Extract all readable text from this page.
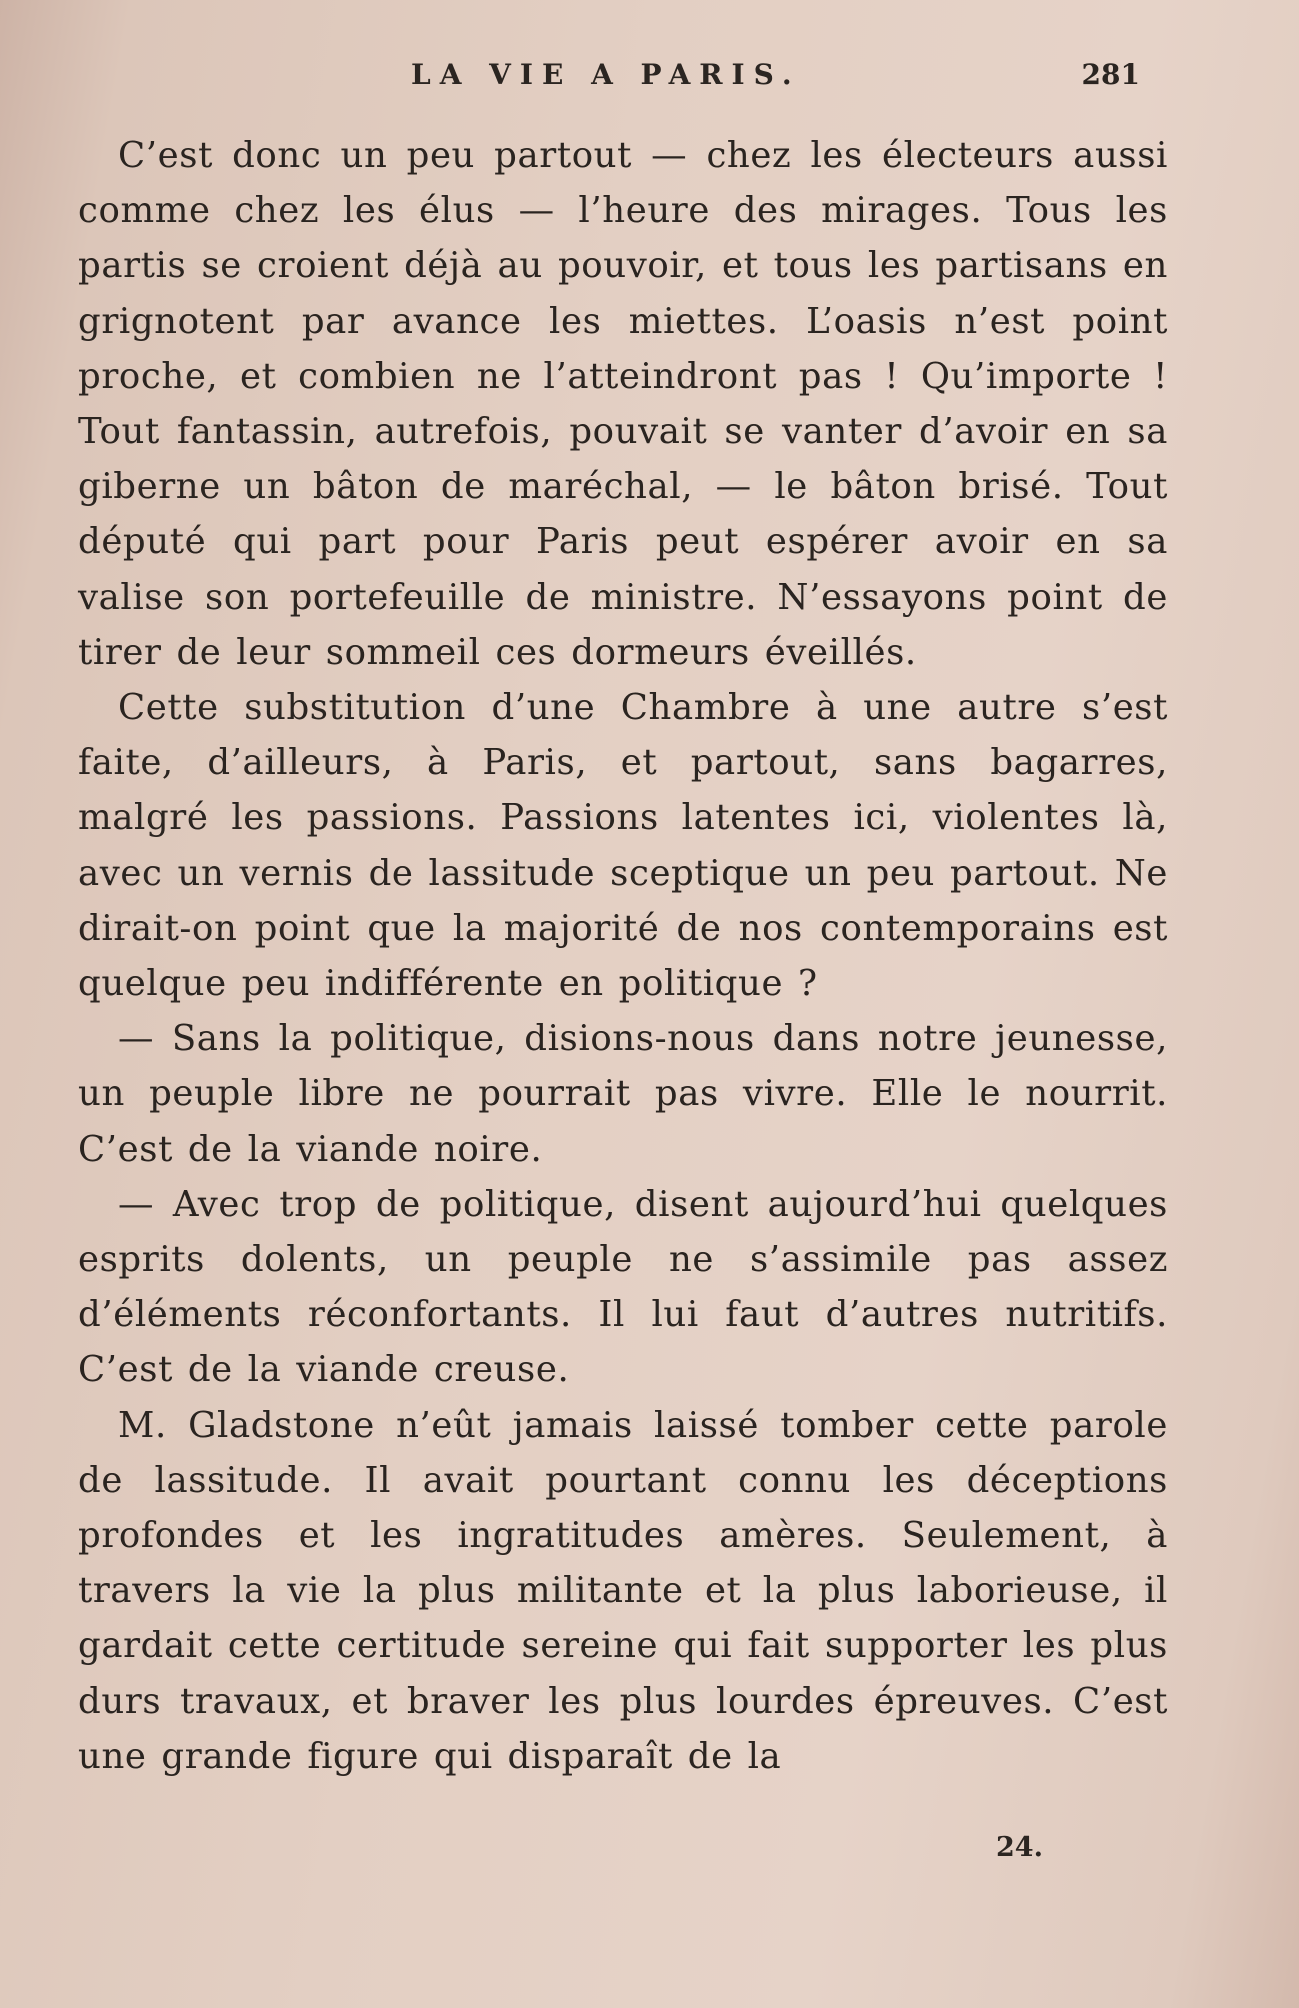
LA VIE A PARIS.	281

C’est donc un peu partout — chez les électeurs aussi comme chez les élus — l’heure des mirages. Tous les partis se croient déjà au pouvoir, et tous les partisans en grignotent par avance les miettes. L’oasis n’est point proche, et combien ne l’atteindront pas ! Qu’importe ! Tout fantassin, autrefois, pouvait se vanter d’avoir en sa giberne un bâton de maréchal, — le bâton brisé. Tout député qui part pour Paris peut espérer avoir en sa valise son portefeuille de ministre. N’essayons point de tirer de leur sommeil ces dormeurs éveillés.

Cette substitution d’une Chambre à une autre s’est faite, d’ailleurs, à Paris, et partout, sans bagarres, malgré les passions. Passions latentes ici, violentes là, avec un vernis de lassitude sceptique un peu partout. Ne dirait-on point que la majorité de nos contemporains est quelque peu indifférente en politique ?

— Sans la politique, disions-nous dans notre jeunesse, un peuple libre ne pourrait pas vivre. Elle le nourrit. C’est de la viande noire.

— Avec trop de politique, disent aujourd’hui quelques esprits dolents, un peuple ne s’assimile pas assez d’éléments réconfortants. Il lui faut d’autres nutritifs. C’est de la viande creuse.

M. Gladstone n’eût jamais laissé tomber cette parole de lassitude. Il avait pourtant connu les déceptions profondes et les ingratitudes amères. Seulement, à travers la vie la plus militante et la plus laborieuse, il gardait cette certitude sereine qui fait supporter les plus durs travaux, et braver les plus lourdes épreuves. C’est une grande figure qui disparaît de la

24.
